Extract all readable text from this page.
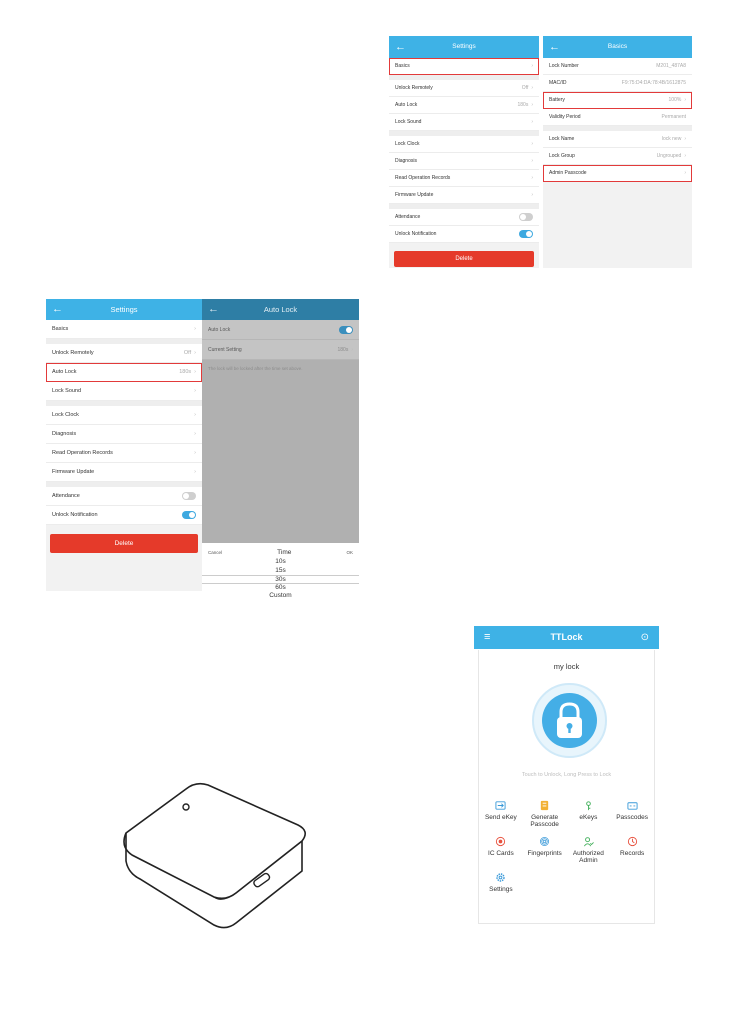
←	Settings
Basics	›
Unlock Remotely	Off ›
Auto Lock	180s ›
Lock Sound	›
Lock Clock	›
Diagnosis	›
Read Operation Records	›
Firmware Update	›
Attendance
Unlock Notification
Delete
←	Basics
Lock Number	M201_487A8
MAC/ID	F9:75:D4:DA:78:4B/1612875
Battery	100% ›
Validity Period	Permanent
Lock Name	lock new ›
Lock Group	Ungrouped ›
Admin Passcode	›
←	Settings
Basics	›
Unlock Remotely	Off ›
Auto Lock	180s ›
Lock Sound	›
Lock Clock	›
Diagnosis	›
Read Operation Records	›
Firmware Update	›
Attendance
Unlock Notification
Delete
←	Auto Lock
Auto Lock
Current Setting	180s ›
The lock will be locked after the time set above.
Cancel	Time	OK
10s
15s
30s
60s
Custom
≡	TTLock	⊙
my lock
Touch to Unlock, Long Press to Lock
Send eKey	Generate Passcode
eKeys	Passcodes
IC Cards Fingerprints	Authorized Admin
Records
Settings
